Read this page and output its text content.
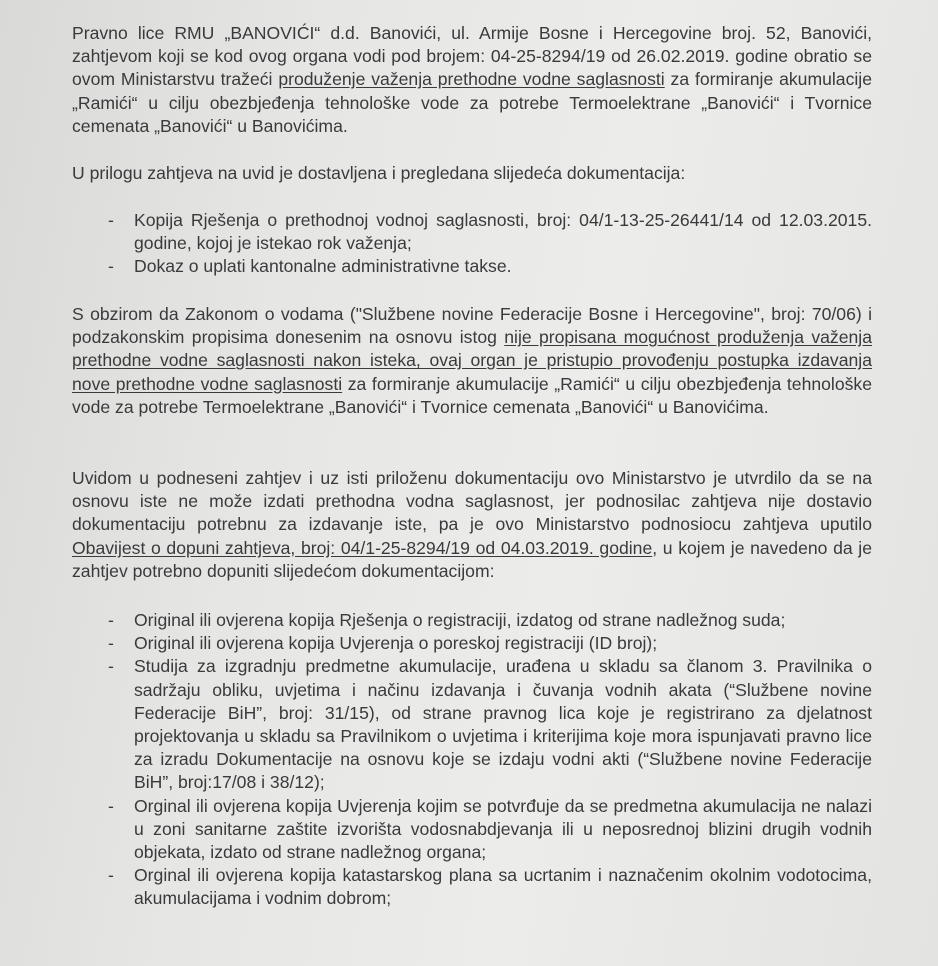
Pravno lice RMU „BANOVIĆI“ d.d. Banovići, ul. Armije Bosne i Hercegovine broj. 52, Banovići, zahtjevom koji se kod ovog organa vodi pod brojem: 04-25-8294/19 od 26.02.2019. godine obratio se ovom Ministarstvu tražeći produženje važenja prethodne vodne saglasnosti za formiranje akumulacije „Ramići“ u cilju obezbjeđenja tehnološke vode za potrebe Termoelektrane „Banovići“ i Tvornice cemenata „Banovići“ u Banovićima.

U prilogu zahtjeva na uvid je dostavljena i pregledana slijedeća dokumentacija:

- Kopija Rješenja o prethodnoj vodnoj saglasnosti, broj: 04/1-13-25-26441/14 od 12.03.2015. godine, kojoj je istekao rok važenja;
- Dokaz o uplati kantonalne administrativne takse.

S obzirom da Zakonom o vodama ("Službene novine Federacije Bosne i Hercegovine", broj: 70/06) i podzakonskim propisima donesenim na osnovu istog nije propisana mogućnost produženja važenja prethodne vodne saglasnosti nakon isteka, ovaj organ je pristupio provođenju postupka izdavanja nove prethodne vodne saglasnosti za formiranje akumulacije „Ramići“ u cilju obezbjeđenja tehnološke vode za potrebe Termoelektrane „Banovići“ i Tvornice cemenata „Banovići“ u Banovićima.

Uvidom u podneseni zahtjev i uz isti priloženu dokumentaciju ovo Ministarstvo je utvrdilo da se na osnovu iste ne može izdati prethodna vodna saglasnost, jer podnosilac zahtjeva nije dostavio dokumentaciju potrebnu za izdavanje iste, pa je ovo Ministarstvo podnosiocu zahtjeva uputilo Obavijest o dopuni zahtjeva, broj: 04/1-25-8294/19 od 04.03.2019. godine, u kojem je navedeno da je zahtjev potrebno dopuniti slijedećom dokumentacijom:

- Original ili ovjerena kopija Rješenja o registraciji, izdatog od strane nadležnog suda;
- Original ili ovjerena kopija Uvjerenja o poreskoj registraciji (ID broj);
- Studija za izgradnju predmetne akumulacije, urađena u skladu sa članom 3. Pravilnika o sadržaju obliku, uvjetima i načinu izdavanja i čuvanja vodnih akata (“Službene novine Federacije BiH”, broj: 31/15), od strane pravnog lica koje je registrirano za djelatnost projektovanja u skladu sa Pravilnikom o uvjetima i kriterijima koje mora ispunjavati pravno lice za izradu Dokumentacije na osnovu koje se izdaju vodni akti (“Službene novine Federacije BiH”, broj:17/08 i 38/12);
- Orginal ili ovjerena kopija Uvjerenja kojim se potvrđuje da se predmetna akumulacija ne nalazi u zoni sanitarne zaštite izvorišta vodosnabdjevanja ili u neposrednoj blizini drugih vodnih objekata, izdato od strane nadležnog organa;
- Orginal ili ovjerena kopija katastarskog plana sa ucrtanim i naznačenim okolnim vodotocima, akumulacijama i vodnim dobrom;
